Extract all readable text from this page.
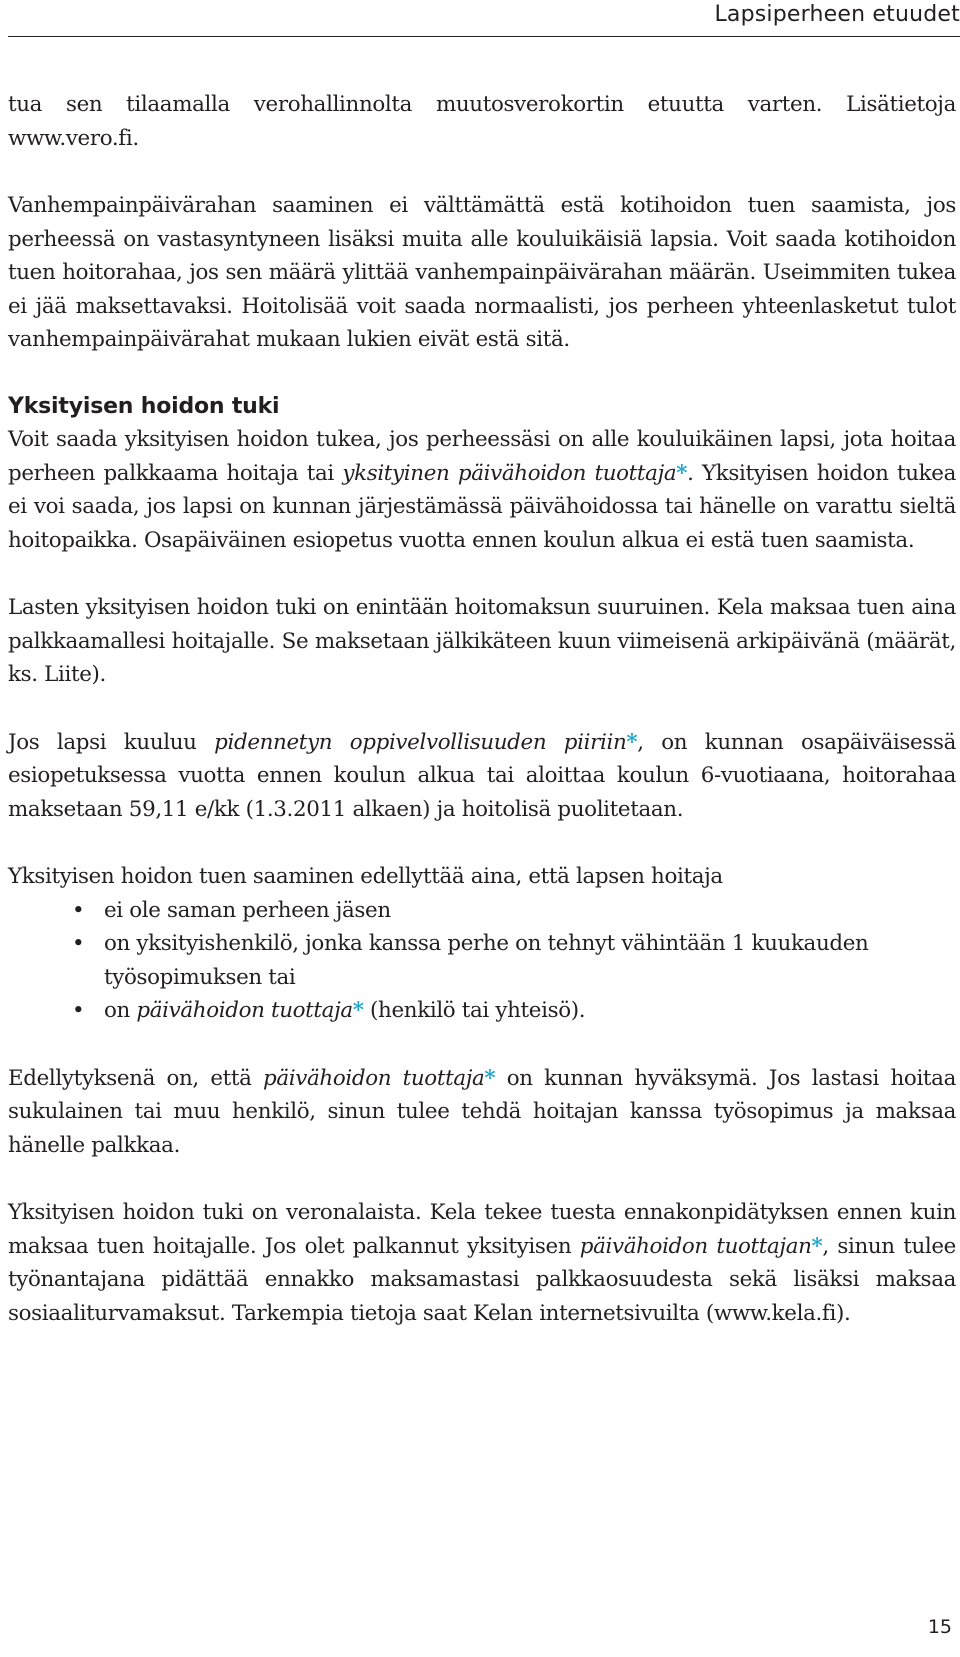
Lapsiperheen etuudet

tua sen tilaamalla verohallinnolta muutosverokortin etuutta varten. Lisätietoja www.vero.fi.

Vanhempainpäivärahan saaminen ei välttämättä estä kotihoidon tuen saamista, jos perheessä on vastasyntyneen lisäksi muita alle kouluikäisiä lapsia. Voit saada kotihoidon tuen hoitorahaa, jos sen määrä ylittää vanhempainpäivärahan määrän. Useimmiten tukea ei jää maksettavaksi. Hoitolisää voit saada normaalisti, jos perheen yhteenlasketut tulot vanhempainpäivärahat mukaan lukien eivät estä sitä.

Yksityisen hoidon tuki

Voit saada yksityisen hoidon tukea, jos perheessäsi on alle kouluikäinen lapsi, jota hoitaa perheen palkkaama hoitaja tai yksityinen päivähoidon tuottaja*. Yksityisen hoidon tukea ei voi saada, jos lapsi on kunnan järjestämässä päivähoidossa tai hänelle on varattu sieltä hoitopaikka. Osapäiväinen esiopetus vuotta ennen koulun alkua ei estä tuen saamista.

Lasten yksityisen hoidon tuki on enintään hoitomaksun suuruinen. Kela maksaa tuen aina palkkaamallesi hoitajalle. Se maksetaan jälkikäteen kuun viimeisenä arkipäivänä (määrät, ks. Liite).

Jos lapsi kuuluu pidennetyn oppivelvollisuuden piiriin*, on kunnan osapäiväisessä esiopetuksessa vuotta ennen koulun alkua tai aloittaa koulun 6-vuotiaana, hoitorahaa maksetaan 59,11 e/kk (1.3.2011 alkaen) ja hoitolisä puolitetaan.

Yksityisen hoidon tuen saaminen edellyttää aina, että lapsen hoitaja

• ei ole saman perheen jäsen
• on yksityishenkilö, jonka kanssa perhe on tehnyt vähintään 1 kuukauden työsopimuksen tai
• on päivähoidon tuottaja* (henkilö tai yhteisö).

Edellytyksenä on, että päivähoidon tuottaja* on kunnan hyväksymä. Jos lastasi hoitaa sukulainen tai muu henkilö, sinun tulee tehdä hoitajan kanssa työsopimus ja maksaa hänelle palkkaa.

Yksityisen hoidon tuki on veronalaista. Kela tekee tuesta ennakonpidätyksen ennen kuin maksaa tuen hoitajalle. Jos olet palkannut yksityisen päivähoidon tuottajan*, sinun tulee työnantajana pidättää ennakko maksamastasi palkkaosuudesta sekä lisäksi maksaa sosiaaliturvamaksut. Tarkempia tietoja saat Kelan internetsivuilta (www.kela.fi).

15
